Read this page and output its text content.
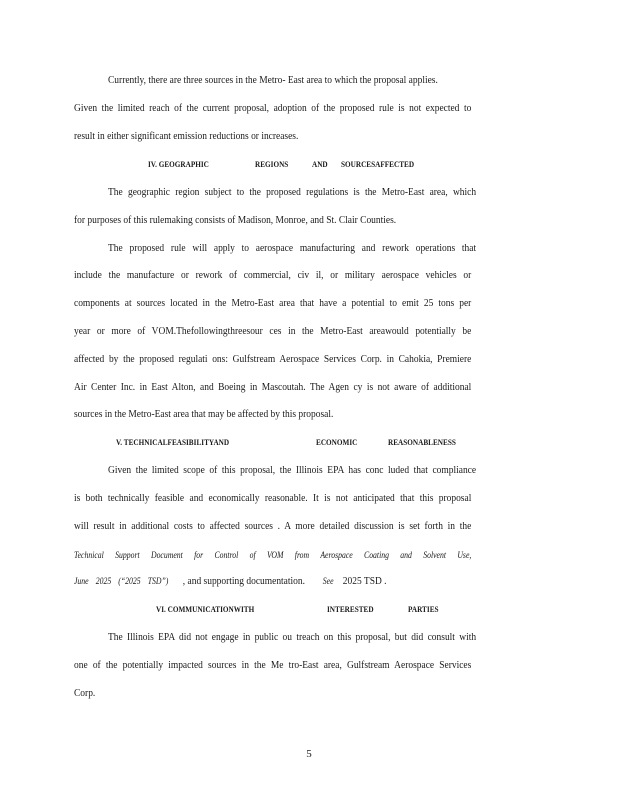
Currently, there are three sources in the Metro- East area to which the proposal applies.
Given the limited reach of the current proposal, adoption of the proposed rule is not expected to
result in either significant emission reductions or increases.
IV. GEOGRAPHIC	REGIONS	AND SOURCESAFFECTED
The geographic region subject to the proposed regulations is the Metro-East area, which
for purposes of this rulemaking consists of Madison, Monroe, and St. Clair Counties.
The proposed rule will apply to aerospace manufacturing and rework operations that
include the manufacture or rework of commercial, civ il, or military aerospace vehicles or
components at sources located in the Metro-East area that have a potential to emit 25 tons per
year or more of VOM.Thefollowingthreesour ces in the Metro-East areawould potentially be
affected by the proposed regulati ons: Gulfstream Aerospace Services Corp. in Cahokia, Premiere
Air Center Inc. in East Alton, and Boeing in Mascoutah. The Agen cy is not aware of additional
sources in the Metro-East area that may be affected by this proposal.
V. TECHNICALFEASIBILITYAND	ECONOMIC	REASONABLENESS
Given the limited scope of this proposal, the Illinois EPA has conc luded that compliance
is both technically feasible and economically reasonable. It is not anticipated that this proposal
will result in additional costs to affected sources . A more detailed discussion is set forth in the
Technical Support Document for Control of VOM from Aerospace Coating and Solvent Use,
June 2025 (“2025 TSD”) , and supporting documentation. See 2025 TSD .
VI. COMMUNICATIONWITH	INTERESTED	PARTIES
The Illinois EPA did not engage in public ou treach on this proposal, but did consult with
one of the potentially impacted sources in the Me tro-East area, Gulfstream Aerospace Services
Corp.
5
